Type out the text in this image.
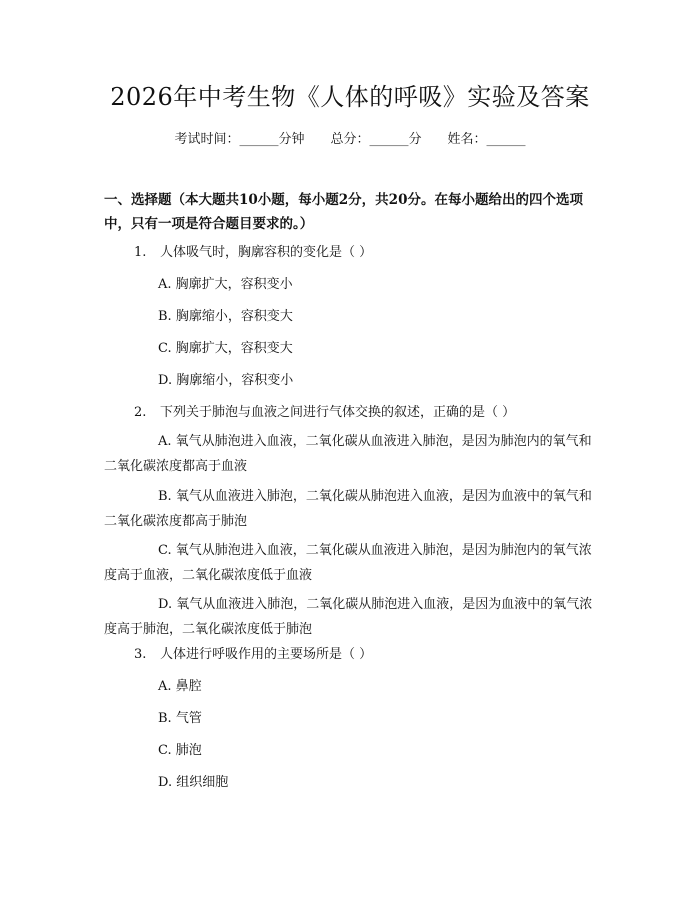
2026年中考生物《人体的呼吸》实验及答案
考试时间：______分钟 总分：______分 姓名：______
一、选择题（本大题共10小题，每小题2分，共20分。在每小题给出的四个选项中，只有一项是符合题目要求的。）
1. 人体吸气时，胸廓容积的变化是（ ）
A. 胸廓扩大，容积变小
B. 胸廓缩小，容积变大
C. 胸廓扩大，容积变大
D. 胸廓缩小，容积变小
2. 下列关于肺泡与血液之间进行气体交换的叙述，正确的是（ ）
A. 氧气从肺泡进入血液，二氧化碳从血液进入肺泡，是因为肺泡内的氧气和二氧化碳浓度都高于血液
B. 氧气从血液进入肺泡，二氧化碳从肺泡进入血液，是因为血液中的氧气和二氧化碳浓度都高于肺泡
C. 氧气从肺泡进入血液，二氧化碳从血液进入肺泡，是因为肺泡内的氧气浓度高于血液，二氧化碳浓度低于血液
D. 氧气从血液进入肺泡，二氧化碳从肺泡进入血液，是因为血液中的氧气浓度高于肺泡，二氧化碳浓度低于肺泡
3. 人体进行呼吸作用的主要场所是（ ）
A. 鼻腔
B. 气管
C. 肺泡
D. 组织细胞
